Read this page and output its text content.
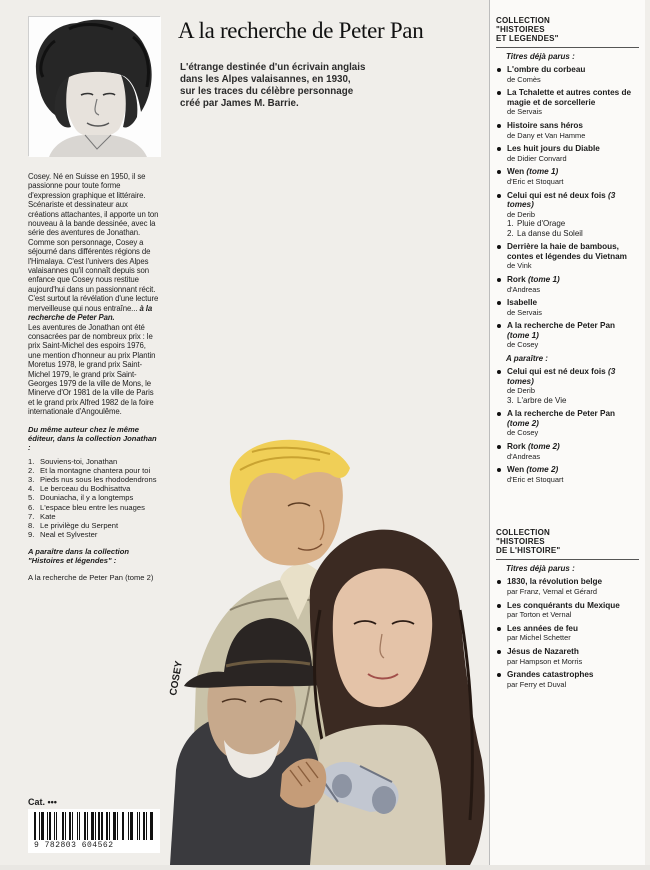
Cosey. Né en Suisse en 1950, il se passionne pour toute forme d'expression graphique et littéraire. Scénariste et dessinateur aux créations attachantes, il apporte un ton nouveau à la bande dessinée, avec la série des aventures de Jonathan. Comme son personnage, Cosey a séjourné dans différentes régions de l'Himalaya. C'est l'univers des Alpes valaisannes qu'il connaît depuis son enfance que Cosey nous restitue aujourd'hui dans un passionnant récit. C'est surtout la révélation d'une lecture merveilleuse qui nous entraîne... à la recherche de Peter Pan.

Les aventures de Jonathan ont été consacrées par de nombreux prix : le prix Saint-Michel des espoirs 1976, une mention d'honneur au prix Plantin Moretus 1978, le grand prix Saint-Michel 1979, le grand prix Saint-Georges 1979 de la ville de Mons, le Minerve d'Or 1981 de la ville de Paris et le grand prix Alfred 1982 de la foire internationale d'Angoulême.

Du même auteur chez le même éditeur, dans la collection Jonathan :
1. Souviens-toi, Jonathan
2. Et la montagne chantera pour toi
3. Pieds nus sous les rhododendrons
4. Le berceau du Bodhisattva
5. Douniacha, il y a longtemps
6. L'espace bleu entre les nuages
7. Kate
8. Le privilège du Serpent
9. Neal et Sylvester
A paraître dans la collection "Histoires et légendes" :
A la recherche de Peter Pan (tome 2)
Cat. •••
9 782803 604562
A la recherche de Peter Pan
L'étrange destinée d'un écrivain anglais
dans les Alpes valaisannes, en 1930,
sur les traces du célèbre personnage
créé par James M. Barrie.
COSEY
COLLECTION
"HISTOIRES
ET LEGENDES"
Titres déjà parus :
L'ombre du corbeau
de Comès
La Tchalette et autres contes de magie et de sorcellerie
de Servais
Histoire sans héros
de Dany et Van Hamme
Les huit jours du Diable
de Didier Convard
Wen (tome 1)
d'Eric et Stoquart
Celui qui est né deux fois (3 tomes)
de Derib
1. Pluie d'Orage
2. La danse du Soleil
Derrière la haie de bambous, contes et légendes du Vietnam
de Vink
Rork (tome 1)
d'Andreas
Isabelle
de Servais
A la recherche de Peter Pan (tome 1)
de Cosey
A paraître :
Celui qui est né deux fois (3 tomes)
de Derib
3. L'arbre de Vie
A la recherche de Peter Pan (tome 2)
de Cosey
Rork (tome 2)
d'Andreas
Wen (tome 2)
d'Eric et Stoquart
COLLECTION
"HISTOIRES
DE L'HISTOIRE"
Titres déjà parus :
1830, la révolution belge
par Franz, Vernal et Gérard
Les conquérants du Mexique
par Torton et Vernal
Les années de feu
par Michel Schetter
Jésus de Nazareth
par Hampson et Morris
Grandes catastrophes
par Ferry et Duval
